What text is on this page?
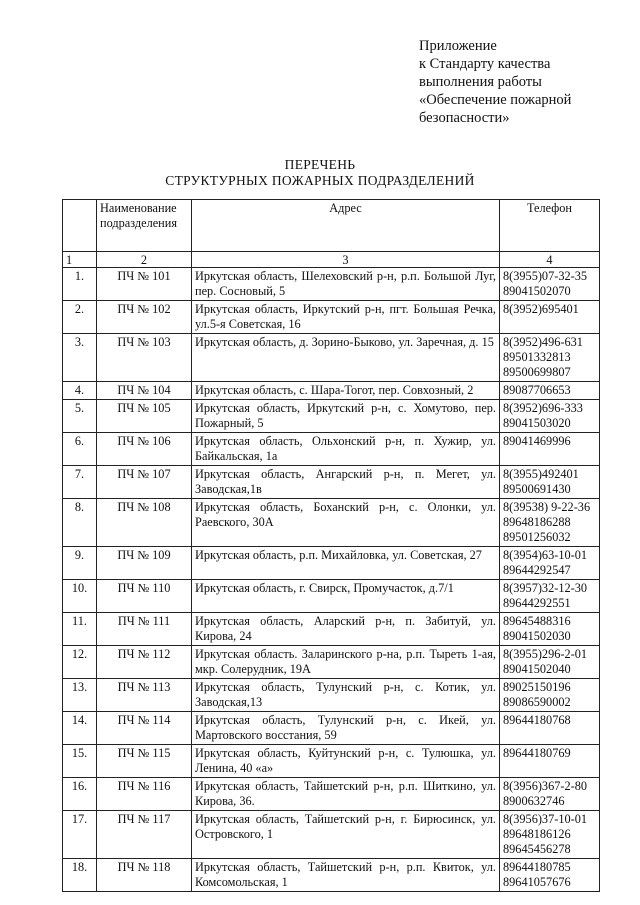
Приложение
к Стандарту качества
выполнения работы
«Обеспечение пожарной
безопасности»
ПЕРЕЧЕНЬ
СТРУКТУРНЫХ ПОЖАРНЫХ ПОДРАЗДЕЛЕНИЙ
	Наименование подразделения	Адрес	Телефон
1	2	3	4
1.	ПЧ № 101	Иркутская область, Шелеховский р-н, р.п. Большой Луг, пер. Сосновый, 5	8(3955)07-32-35
89041502070

2.	ПЧ № 102	Иркутская область, Иркутский р-н, пгт. Большая Речка, ул.5-я Советская, 16	8(3952)695401

3.	ПЧ № 103	Иркутская область, д. Зорино-Быково, ул. Заречная, д. 15	8(3952)496-631
89501332813
89500699807

4.	ПЧ № 104	Иркутская область, с. Шара-Тогот, пер. Совхозный, 2	89087706653

5.	ПЧ № 105	Иркутская область, Иркутский р-н, с. Хомутово, пер. Пожарный, 5	8(3952)696-333
89041503020

6.	ПЧ № 106	Иркутская область, Ольхонский р-н, п. Хужир, ул. Байкальская, 1а	89041469996

7.	ПЧ № 107	Иркутская область, Ангарский р-н, п. Мегет, ул. Заводская,1в	8(3955)492401
89500691430

8.	ПЧ № 108	Иркутская область, Боханский р-н, с. Олонки, ул. Раевского, 30А	8(39538) 9-22-36
89648186288
89501256032

9.	ПЧ № 109	Иркутская область, р.п. Михайловка, ул. Советская, 27	8(3954)63-10-01
89644292547

10.	ПЧ № 110	Иркутская область, г. Свирск, Промучасток, д.7/1	8(3957)32-12-30
89644292551

11.	ПЧ № 111	Иркутская область, Аларский р-н, п. Забитуй, ул. Кирова, 24	89645488316
89041502030

12.	ПЧ № 112	Иркутская область. Заларинского р-на, р.п. Тыреть 1-ая, мкр. Солерудник, 19А	8(3955)296-2-01
89041502040

13.	ПЧ № 113	Иркутская область, Тулунский р-н, с. Котик, ул. Заводская,13	89025150196
89086590002

14.	ПЧ № 114	Иркутская область, Тулунский р-н, с. Икей, ул. Мартовского восстания, 59	89644180768

15.	ПЧ № 115	Иркутская область, Куйтунский р-н, с. Тулюшка, ул. Ленина, 40 «а»	89644180769

16.	ПЧ № 116	Иркутская область, Тайшетский р-н, р.п. Шиткино, ул. Кирова, 36.	8(3956)367-2-80
8900632746

17.	ПЧ № 117	Иркутская область, Тайшетский р-н, г. Бирюсинск, ул. Островского, 1	8(3956)37-10-01
89648186126
89645456278

18.	ПЧ № 118	Иркутская область, Тайшетский р-н, р.п. Квиток, ул. Комсомольская, 1	89644180785
89641057676
